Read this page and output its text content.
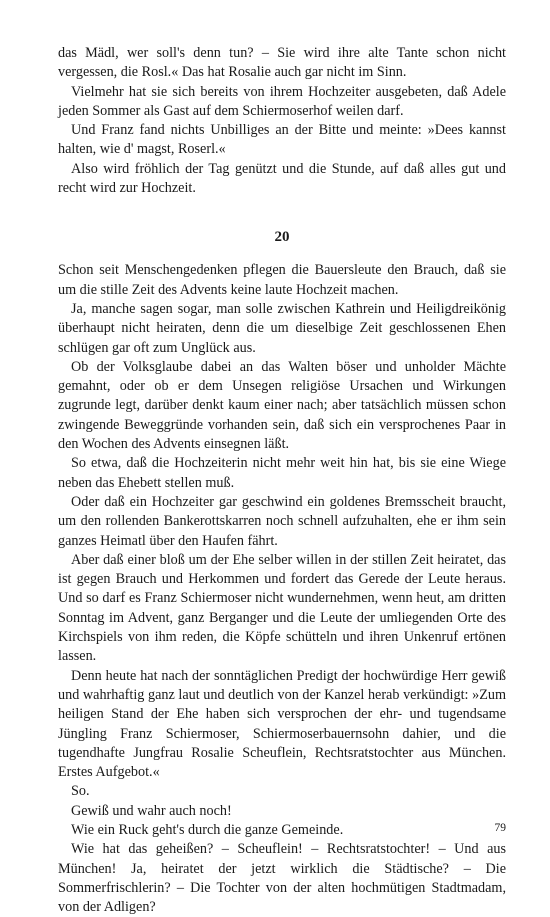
das Mädl, wer soll's denn tun? – Sie wird ihre alte Tante schon nicht vergessen, die Rosl.« Das hat Rosalie auch gar nicht im Sinn.

Vielmehr hat sie sich bereits von ihrem Hochzeiter ausgebeten, daß Adele jeden Sommer als Gast auf dem Schiermoserhof weilen darf.

Und Franz fand nichts Unbilliges an der Bitte und meinte: »Dees kannst halten, wie d' magst, Roserl.«

Also wird fröhlich der Tag genützt und die Stunde, auf daß alles gut und recht wird zur Hochzeit.

20

Schon seit Menschengedenken pflegen die Bauersleute den Brauch, daß sie um die stille Zeit des Advents keine laute Hochzeit machen.

Ja, manche sagen sogar, man solle zwischen Kathrein und Heiligdreikönig überhaupt nicht heiraten, denn die um dieselbige Zeit geschlossenen Ehen schlügen gar oft zum Unglück aus.

Ob der Volksglaube dabei an das Walten böser und unholder Mächte gemahnt, oder ob er dem Unsegen religiöse Ursachen und Wirkungen zugrunde legt, darüber denkt kaum einer nach; aber tatsächlich müssen schon zwingende Beweggründe vorhanden sein, daß sich ein versprochenes Paar in den Wochen des Advents einsegnen läßt.

So etwa, daß die Hochzeiterin nicht mehr weit hin hat, bis sie eine Wiege neben das Ehebett stellen muß.

Oder daß ein Hochzeiter gar geschwind ein goldenes Bremsscheit braucht, um den rollenden Bankerottskarren noch schnell aufzuhalten, ehe er ihm sein ganzes Heimatl über den Haufen fährt.

Aber daß einer bloß um der Ehe selber willen in der stillen Zeit heiratet, das ist gegen Brauch und Herkommen und fordert das Gerede der Leute heraus. Und so darf es Franz Schiermoser nicht wundernehmen, wenn heut, am dritten Sonntag im Advent, ganz Berganger und die Leute der umliegenden Orte des Kirchspiels von ihm reden, die Köpfe schütteln und ihren Unkenruf ertönen lassen.

Denn heute hat nach der sonntäglichen Predigt der hochwürdige Herr gewiß und wahrhaftig ganz laut und deutlich von der Kanzel herab verkündigt: »Zum heiligen Stand der Ehe haben sich versprochen der ehr- und tugendsame Jüngling Franz Schiermoser, Schiermoserbauernsohn dahier, und die tugendhafte Jungfrau Rosalie Scheuflein, Rechtsratstochter aus München. Erstes Aufgebot.«

So.

Gewiß und wahr auch noch!

Wie ein Ruck geht's durch die ganze Gemeinde.

Wie hat das geheißen? – Scheuflein! – Rechtsratstochter! – Und aus München! Ja, heiratet der jetzt wirklich die Städtische? – Die Sommerfrischlerin? – Die Tochter von der alten hochmütigen Stadtmadam, von der Adligen?

79
